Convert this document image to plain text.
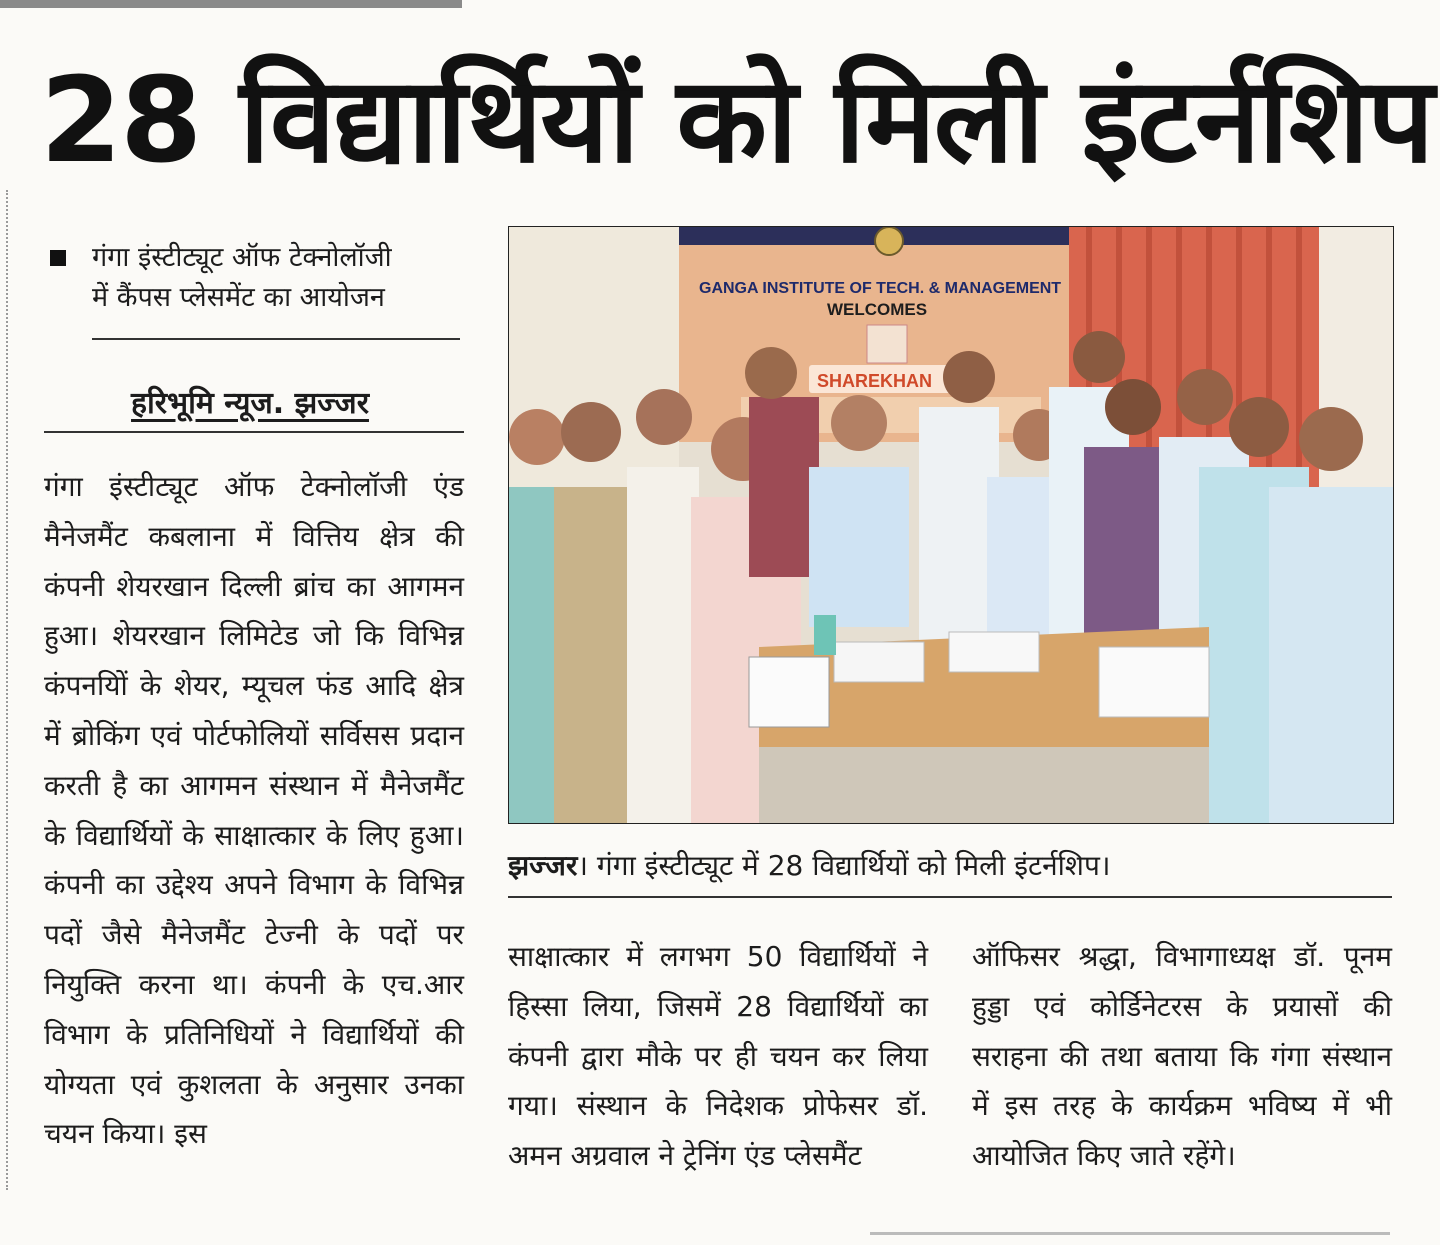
28 विद्यार्थियों को मिली इंटर्नशिप
गंगा इंस्टीट्यूट ऑफ टेक्नोलॉजी
में कैंपस प्लेसमेंट का आयोजन
हरिभूमि न्यूज. झज्जर
गंगा इंस्टीट्यूट ऑफ टेक्नोलॉजी एंड मैनेजमैंट कबलाना में वित्तिय क्षेत्र की कंपनी शेयरखान दिल्ली ब्रांच का आगमन हुआ। शेयरखान लिमिटेड जो कि विभिन्न कंपनयिों के शेयर, म्यूचल फंड आदि क्षेत्र में ब्रोकिंग एवं पोर्टफोलियों सर्विसस प्रदान करती है का आगमन संस्थान में मैनेजमैंट के विद्यार्थियों के साक्षात्कार के लिए हुआ। कंपनी का उद्देश्य अपने विभाग के विभिन्न पदों जैसे मैनेजमैंट टेज्नी के पदों पर नियुक्ति करना था। कंपनी के एच.आर विभाग के प्रतिनिधियों ने विद्यार्थियों की योग्यता एवं कुशलता के अनुसार उनका चयन किया। इस
GANGA INSTITUTE OF TECH. & MANAGEMENT
WELCOMES
SHAREKHAN
झज्जर। गंगा इंस्टीट्यूट में 28 विद्यार्थियों को मिली इंटर्नशिप।
साक्षात्कार में लगभग 50 विद्यार्थियों ने हिस्सा लिया, जिसमें 28 विद्यार्थियों का कंपनी द्वारा मौके पर ही चयन कर लिया गया। संस्थान के निदेशक प्रोफेसर डॉ. अमन अग्रवाल ने ट्रेनिंग एंड प्लेसमैंट
ऑफिसर श्रद्धा, विभागाध्यक्ष डॉ. पूनम हुड्डा एवं कोर्डिनेटरस के प्रयासों की सराहना की तथा बताया कि गंगा संस्थान में इस तरह के कार्यक्रम भविष्य में भी आयोजित किए जाते रहेंगे।
